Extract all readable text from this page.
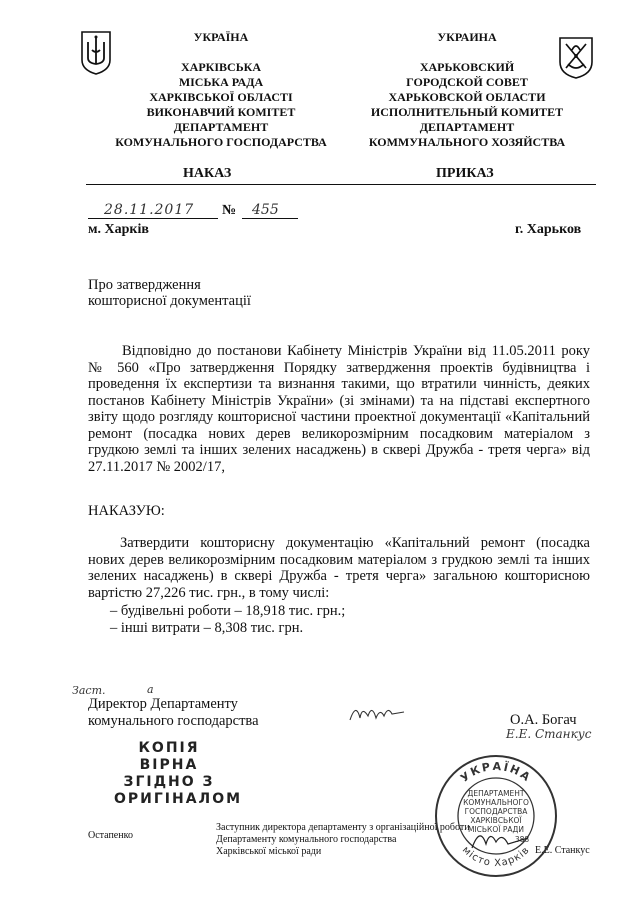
УКРАЇНА
ХАРКІВСЬКА
МІСЬКА РАДА
ХАРКІВСЬКОЇ ОБЛАСТІ
ВИКОНАВЧИЙ КОМІТЕТ
ДЕПАРТАМЕНТ
КОМУНАЛЬНОГО ГОСПОДАРСТВА
УКРАИНА
ХАРЬКОВСКИЙ
ГОРОДСКОЙ СОВЕТ
ХАРЬКОВСКОЙ ОБЛАСТИ
ИСПОЛНИТЕЛЬНЫЙ КОМИТЕТ
ДЕПАРТАМЕНТ
КОММУНАЛЬНОГО ХОЗЯЙСТВА
НАКАЗ	ПРИКАЗ
28.11.2017 № 455
м. Харків	г. Харьков
Про затвердження
кошторисної документації
Відповідно до постанови Кабінету Міністрів України від 11.05.2011 року № 560 «Про затвердження Порядку затвердження проектів будівництва і проведення їх експертизи та визнання такими, що втратили чинність, деяких постанов Кабінету Міністрів України» (зі змінами) та на підставі експертного звіту щодо розгляду кошторисної частини проектної документації «Капітальний ремонт (посадка нових дерев великорозмірним посадковим матеріалом з грудкою землі та інших зелених насаджень) в сквері Дружба - третя черга» від 27.11.2017 № 2002/17,
НАКАЗУЮ:
Затвердити кошторисну документацію «Капітальний ремонт (посадка нових дерев великорозмірним посадковим матеріалом з грудкою землі та інших зелених насаджень) в сквері Дружба - третя черга» загальною кошторисною вартістю 27,226 тис. грн., в тому числі:
– будівельні роботи – 18,918 тис. грн.;
– інші витрати – 8,308 тис. грн.
Заст.	а
Директор Департаменту
комунального господарства	О.А. Богач
Е.Е. Станкус
КОПІЯ ВІРНА
ЗГІДНО З
ОРИГІНАЛОМ
Остапенко
Заступник директора департаменту з організаційної роботи
Департаменту комунального господарства
Харківської міської ради	Е.Е. Станкус
УКРАЇНА
місто Харків
ДЕПАРТАМЕНТ
КОМУНАЛЬНОГО
ГОСПОДАРСТВА
ХАРКІВСЬКОЇ
МІСЬКОЇ РАДИ
388
